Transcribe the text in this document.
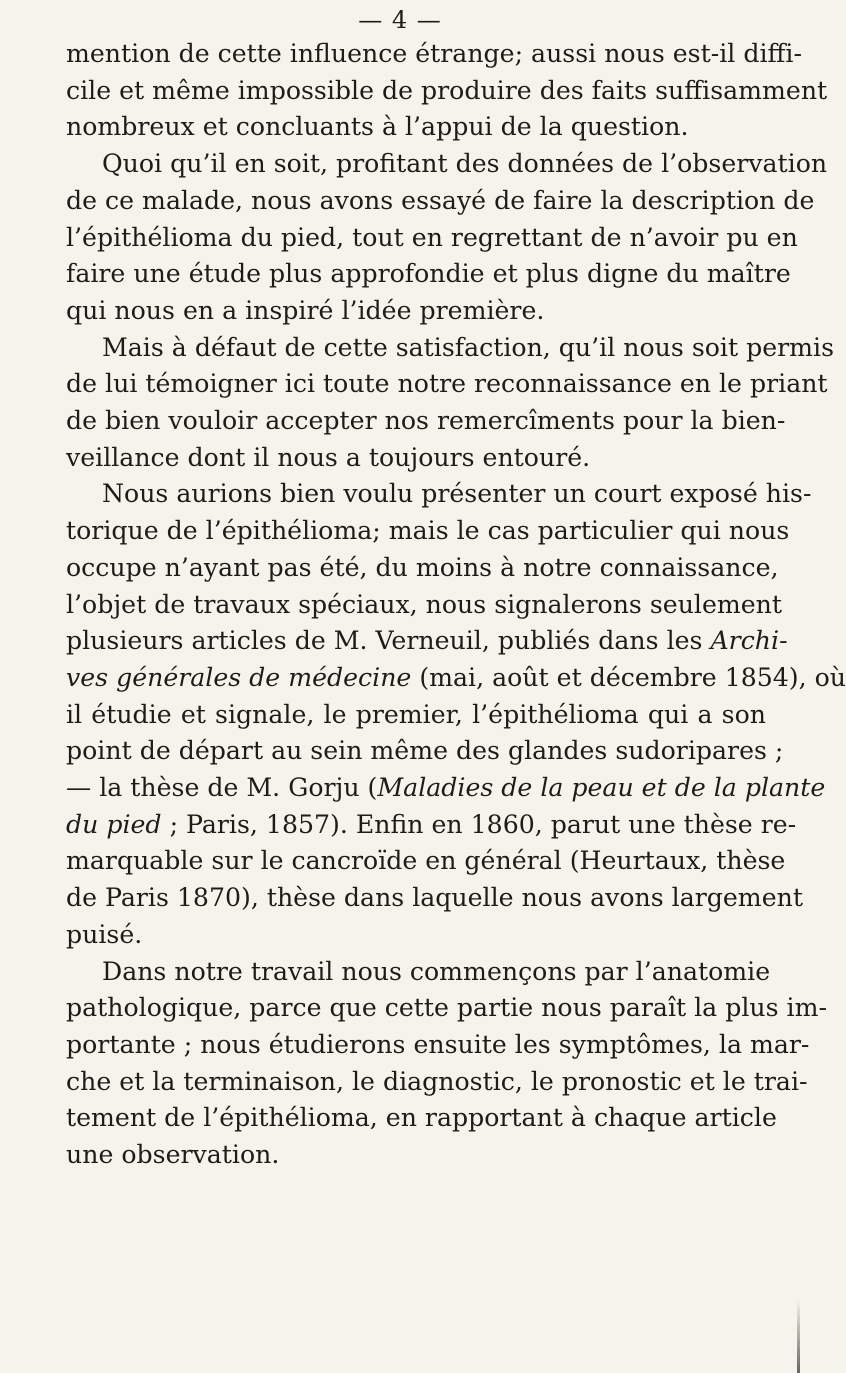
— 4 —
mention de cette influence étrange; aussi nous est-il diffi-
cile et même impossible de produire des faits suffisamment
nombreux et concluants à l’appui de la question.
Quoi qu’il en soit, profitant des données de l’observation
de ce malade, nous avons essayé de faire la description de
l’épithélioma du pied, tout en regrettant de n’avoir pu en
faire une étude plus approfondie et plus digne du maître
qui nous en a inspiré l’idée première.
Mais à défaut de cette satisfaction, qu’il nous soit permis
de lui témoigner ici toute notre reconnaissance en le priant
de bien vouloir accepter nos remercîments pour la bien-
veillance dont il nous a toujours entouré.
Nous aurions bien voulu présenter un court exposé his-
torique de l’épithélioma; mais le cas particulier qui nous
occupe n’ayant pas été, du moins à notre connaissance,
l’objet de travaux spéciaux, nous signalerons seulement
plusieurs articles de M. Verneuil, publiés dans les Archi-
ves générales de médecine (mai, août et décembre 1854), où
il étudie et signale, le premier, l’épithélioma qui a son
point de départ au sein même des glandes sudoripares ;
— la thèse de M. Gorju (Maladies de la peau et de la plante
du pied ; Paris, 1857). Enfin en 1860, parut une thèse re-
marquable sur le cancroïde en général (Heurtaux, thèse
de Paris 1870), thèse dans laquelle nous avons largement
puisé.
Dans notre travail nous commençons par l’anatomie
pathologique, parce que cette partie nous paraît la plus im-
portante ; nous étudierons ensuite les symptômes, la mar-
che et la terminaison, le diagnostic, le pronostic et le trai-
tement de l’épithélioma, en rapportant à chaque article
une observation.
